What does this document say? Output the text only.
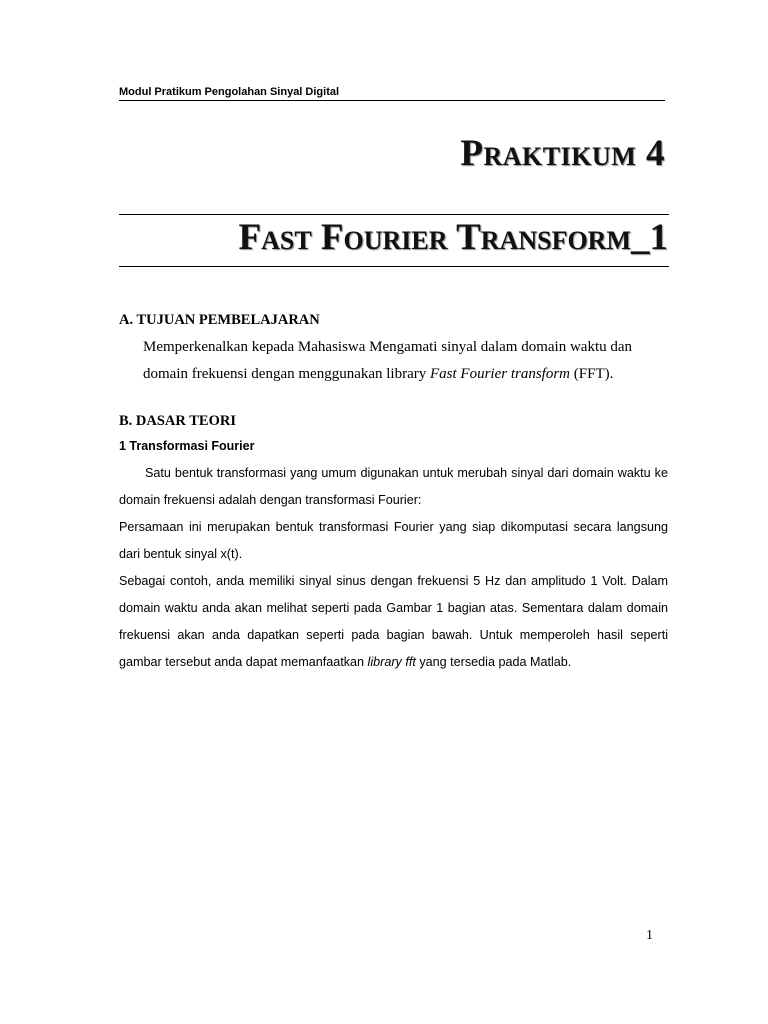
Modul Pratikum Pengolahan Sinyal Digital
Praktikum 4
Fast Fourier Transform_1
A. TUJUAN PEMBELAJARAN
Memperkenalkan kepada Mahasiswa Mengamati sinyal dalam domain waktu dan domain frekuensi dengan menggunakan library Fast Fourier transform (FFT).
B. DASAR TEORI
1 Transformasi Fourier

Satu bentuk transformasi yang umum digunakan untuk merubah sinyal dari domain waktu ke domain frekuensi adalah dengan transformasi Fourier:

Persamaan ini merupakan bentuk transformasi Fourier yang siap dikomputasi secara langsung dari bentuk sinyal x(t).

Sebagai contoh, anda memiliki sinyal sinus dengan frekuensi 5 Hz dan amplitudo 1 Volt. Dalam domain waktu anda akan melihat seperti pada Gambar 1 bagian atas. Sementara dalam domain frekuensi akan anda dapatkan seperti pada bagian bawah. Untuk memperoleh hasil seperti gambar tersebut anda dapat memanfaatkan library fft yang tersedia pada Matlab.

1
